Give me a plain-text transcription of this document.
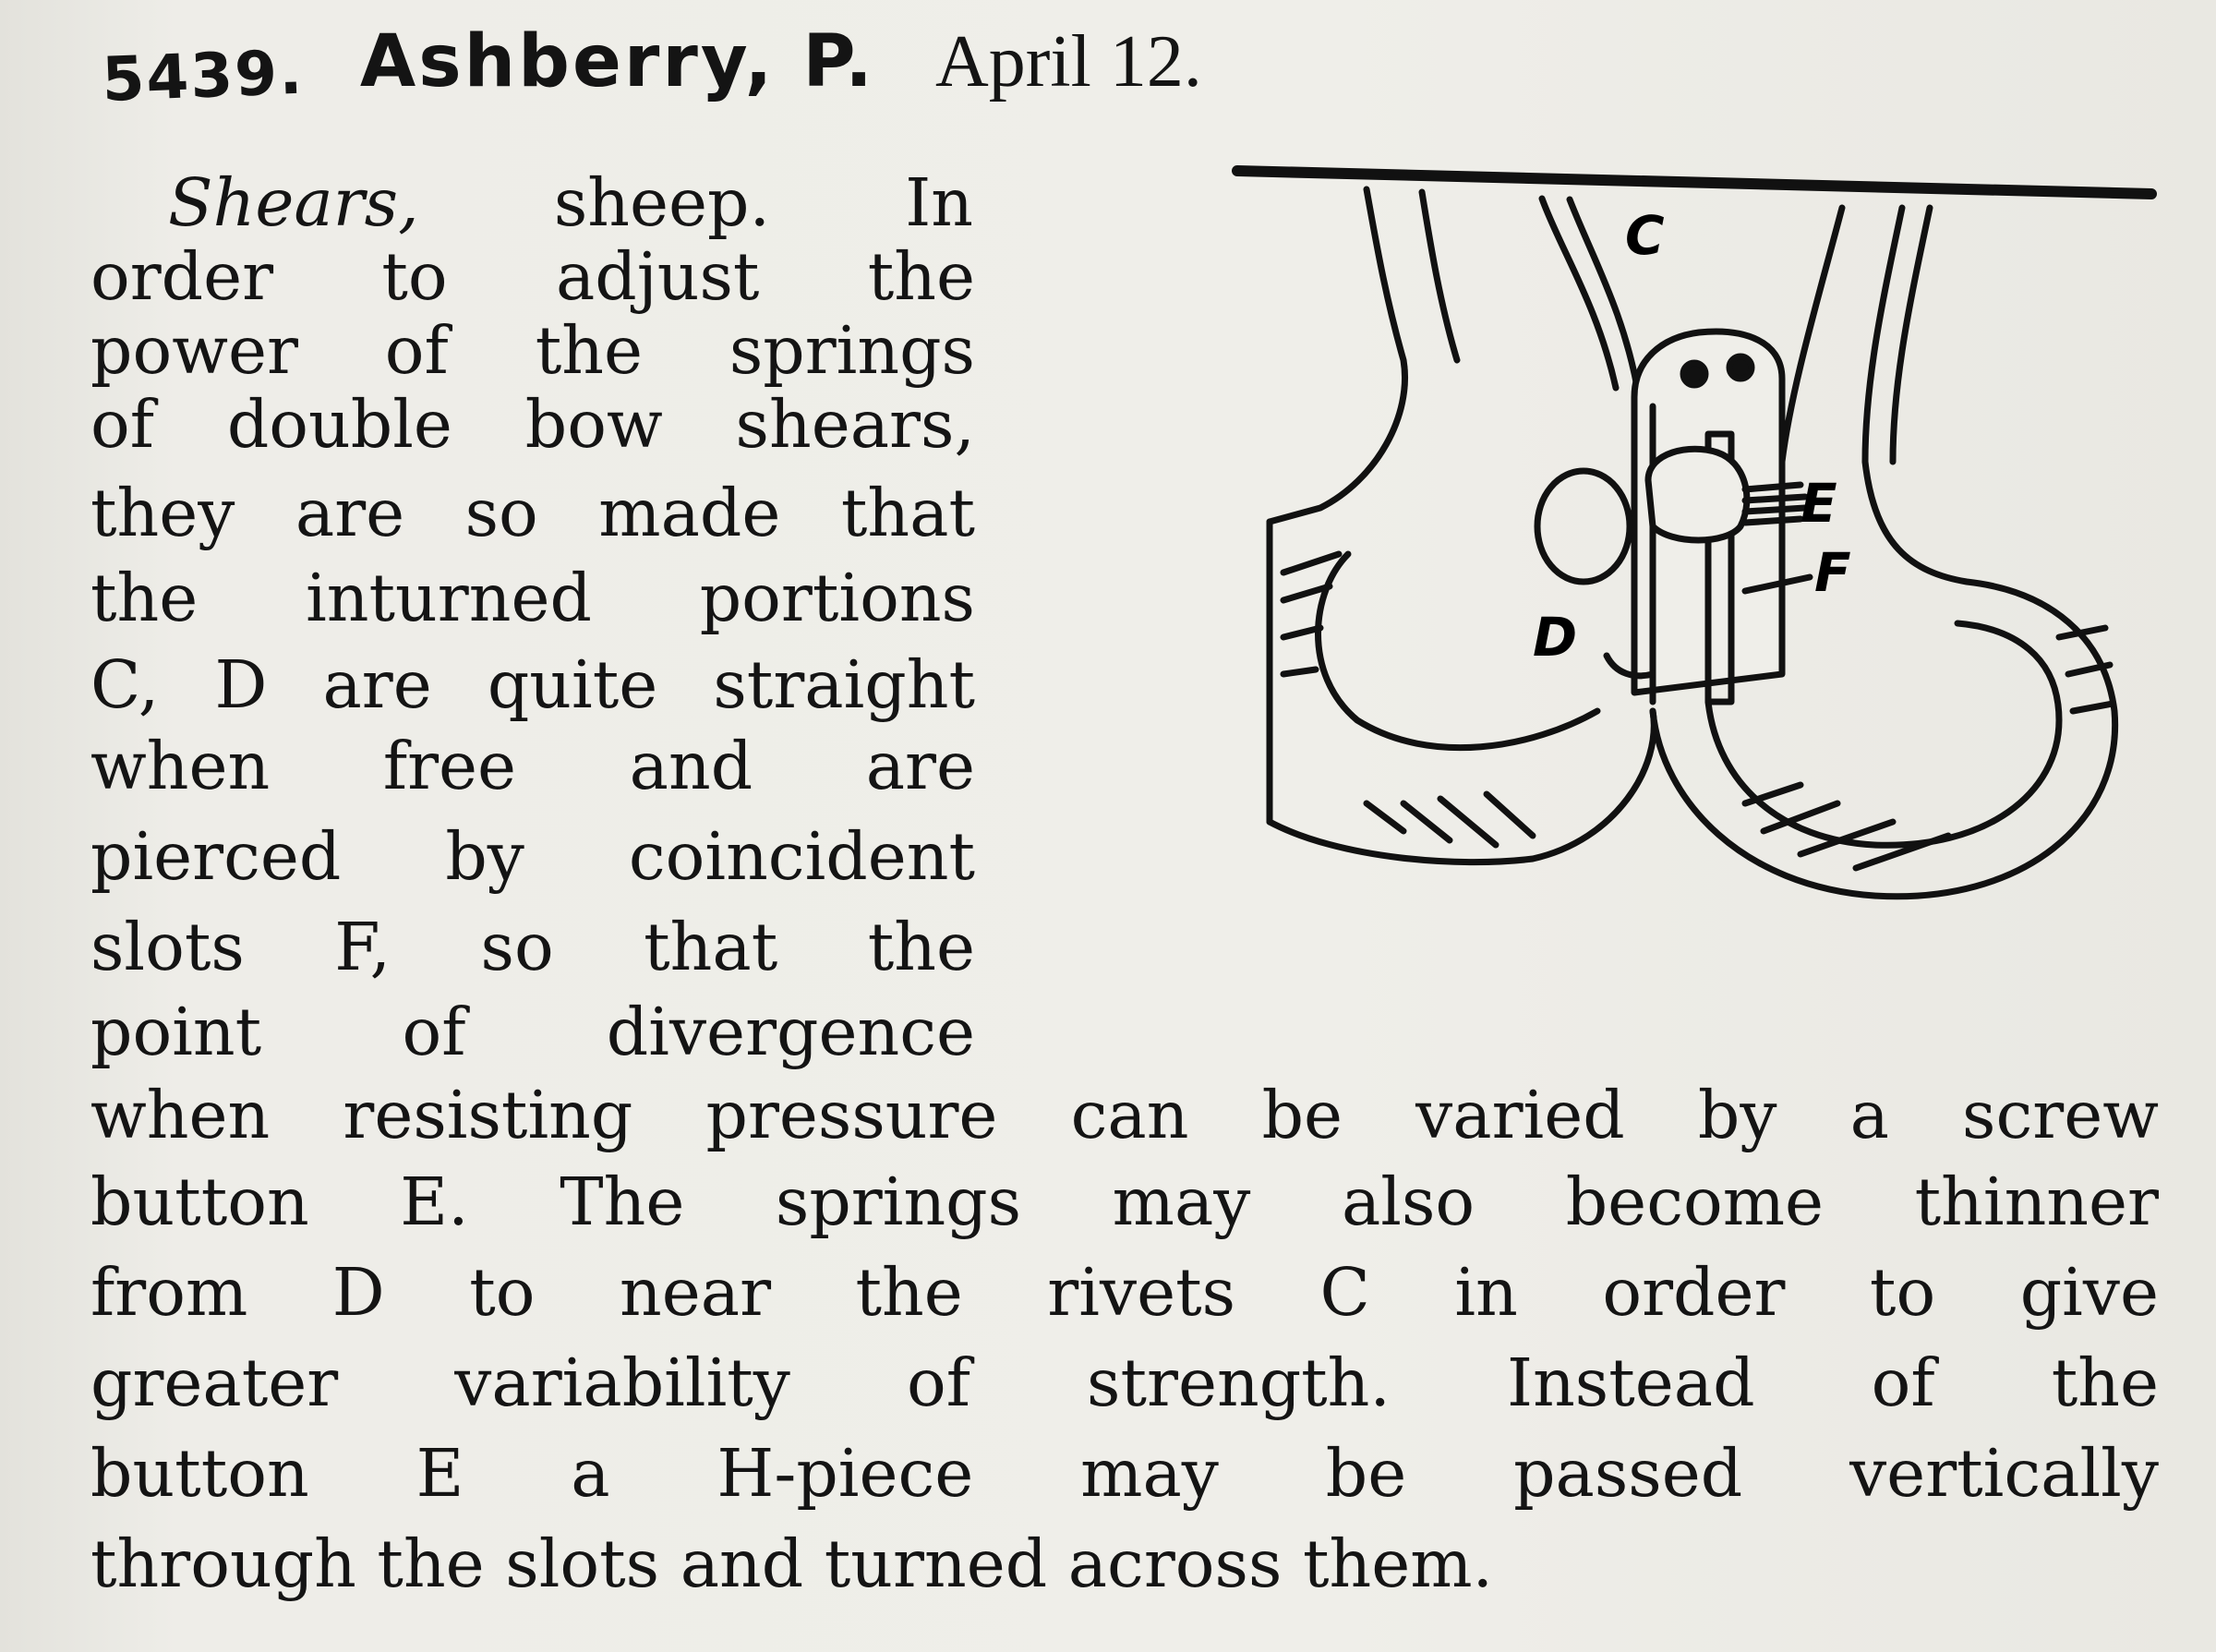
5439. Ashberry, P. April 12.
Shears, sheep. In
order to adjust the
power of the springs
of double bow shears,
they are so made that
the inturned portions
C, D are quite straight
when free and are
pierced by coincident
slots F, so that the
point of divergence
when resisting pressure can be varied by a screw
button E. The springs may also become thinner
from D to near the rivets C in order to give
greater variability of strength. Instead of the
button E a H-piece may be passed vertically
through the slots and turned across them.
C
E
F
D
